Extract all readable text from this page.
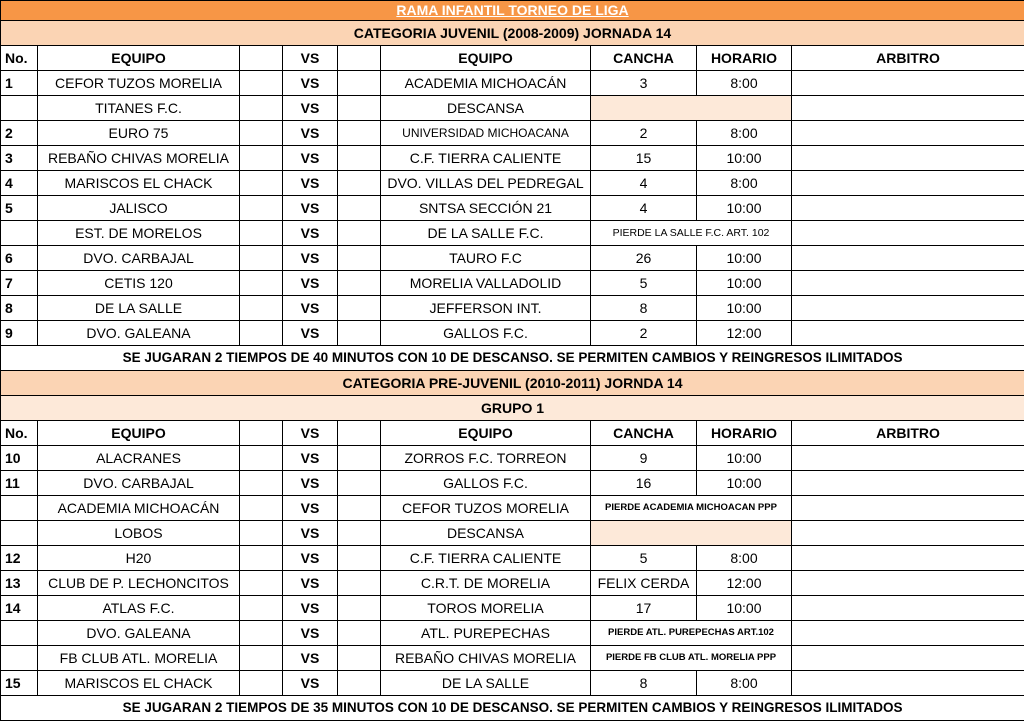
RAMA INFANTIL TORNEO DE LIGA								
CATEGORIA JUVENIL (2008-2009) JORNADA 14								
No.	EQUIPO		VS		EQUIPO	CANCHA	HORARIO	ARBITRO
1	CEFOR TUZOS MORELIA		VS		ACADEMIA MICHOACÁN	3	8:00	
	TITANES F.C.		VS		DESCANSA			
2	EURO 75		VS		UNIVERSIDAD MICHOACANA	2	8:00	
3	REBAÑO CHIVAS MORELIA		VS		C.F. TIERRA CALIENTE	15	10:00	
4	MARISCOS EL CHACK		VS		DVO. VILLAS DEL PEDREGAL	4	8:00	
5	JALISCO		VS		SNTSA SECCIÓN 21	4	10:00	
	EST. DE MORELOS		VS		DE LA SALLE F.C.	PIERDE LA SALLE F.C. ART. 102		
6	DVO. CARBAJAL		VS		TAURO F.C	26	10:00	
7	CETIS 120		VS		MORELIA VALLADOLID	5	10:00	
8	DE LA SALLE		VS		JEFFERSON INT.	8	10:00	
9	DVO. GALEANA		VS		GALLOS F.C.	2	12:00	
SE JUGARAN 2 TIEMPOS DE 40 MINUTOS CON 10 DE DESCANSO. SE PERMITEN CAMBIOS Y REINGRESOS ILIMITADOS								
CATEGORIA PRE-JUVENIL (2010-2011) JORNDA 14								
GRUPO 1								
No.	EQUIPO		VS		EQUIPO	CANCHA	HORARIO	ARBITRO
10	ALACRANES		VS		ZORROS F.C. TORREON	9	10:00	
11	DVO. CARBAJAL		VS		GALLOS F.C.	16	10:00	
	ACADEMIA MICHOACÁN		VS		CEFOR TUZOS MORELIA	PIERDE ACADEMIA MICHOACAN PPP		
	LOBOS		VS		DESCANSA			
12	H20		VS		C.F. TIERRA CALIENTE	5	8:00	
13	CLUB DE P. LECHONCITOS		VS		C.R.T. DE MORELIA	FELIX CERDA	12:00	
14	ATLAS F.C.		VS		TOROS MORELIA	17	10:00	
	DVO. GALEANA		VS		ATL. PUREPECHAS	PIERDE ATL. PUREPECHAS ART.102		
	FB CLUB ATL. MORELIA		VS		REBAÑO CHIVAS MORELIA	PIERDE FB CLUB ATL. MORELIA PPP		
15	MARISCOS EL CHACK		VS		DE LA SALLE	8	8:00	
SE JUGARAN 2 TIEMPOS DE 35 MINUTOS CON 10 DE DESCANSO. SE PERMITEN CAMBIOS Y REINGRESOS ILIMITADOS								
